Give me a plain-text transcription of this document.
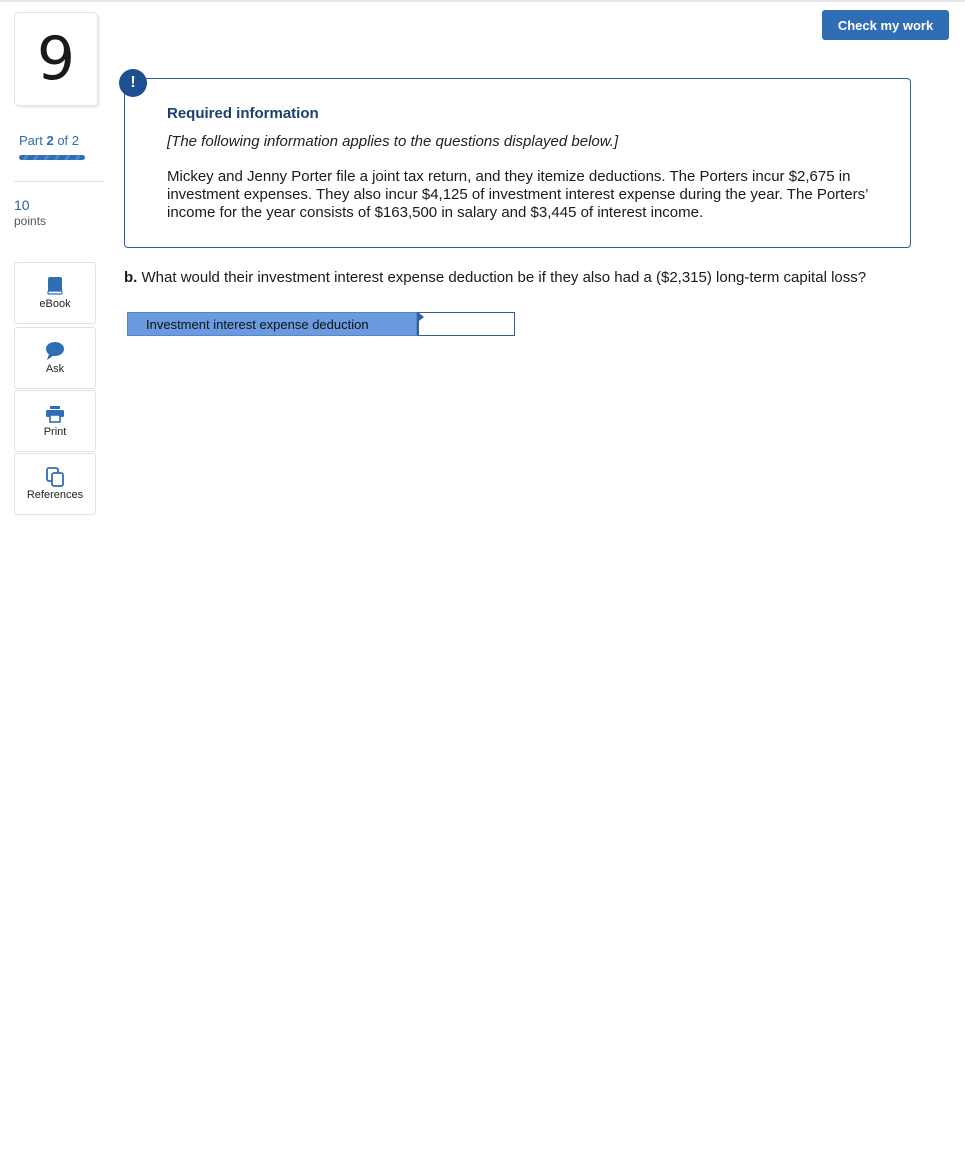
9
Part 2 of 2
10
points
eBook
Ask
Print
References
Check my work
Required information
[The following information applies to the questions displayed below.]
Mickey and Jenny Porter file a joint tax return, and they itemize deductions. The Porters incur $2,675 in investment expenses. They also incur $4,125 of investment interest expense during the year. The Porters’ income for the year consists of $163,500 in salary and $3,445 of interest income.
!
b. What would their investment interest expense deduction be if they also had a ($2,315) long-term capital loss?
Investment interest expense deduction
